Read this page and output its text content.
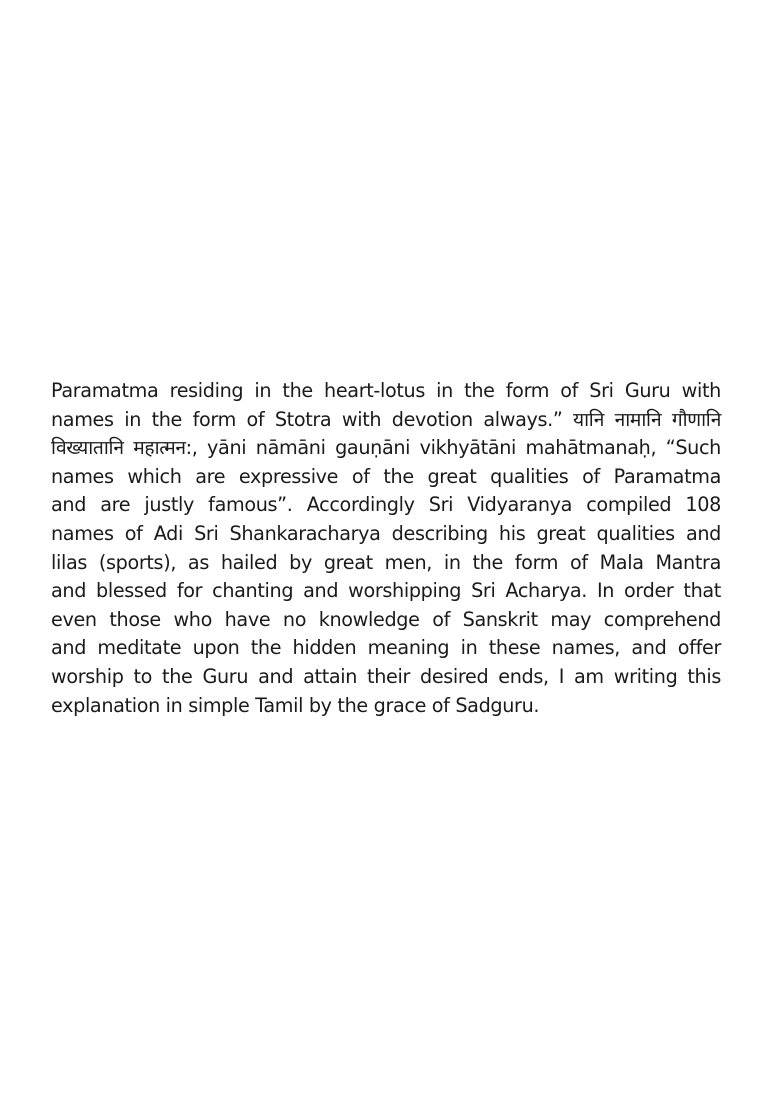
Paramatma residing in the heart-lotus in the form of Sri Guru with
names in the form of Stotra with devotion always.” यानि नामानि गौणानि
विख्यातानि महात्मन:, yāni nāmāni gauṇāni vikhyātāni mahātmanaḥ, “Such
names which are expressive of the great qualities of Paramatma
and are justly famous”. Accordingly Sri Vidyaranya compiled 108
names of Adi Sri Shankaracharya describing his great qualities and
lilas (sports), as hailed by great men, in the form of Mala Mantra
and blessed for chanting and worshipping Sri Acharya. In order that
even those who have no knowledge of Sanskrit may comprehend
and meditate upon the hidden meaning in these names, and offer
worship to the Guru and attain their desired ends, I am writing this
explanation in simple Tamil by the grace of Sadguru.
